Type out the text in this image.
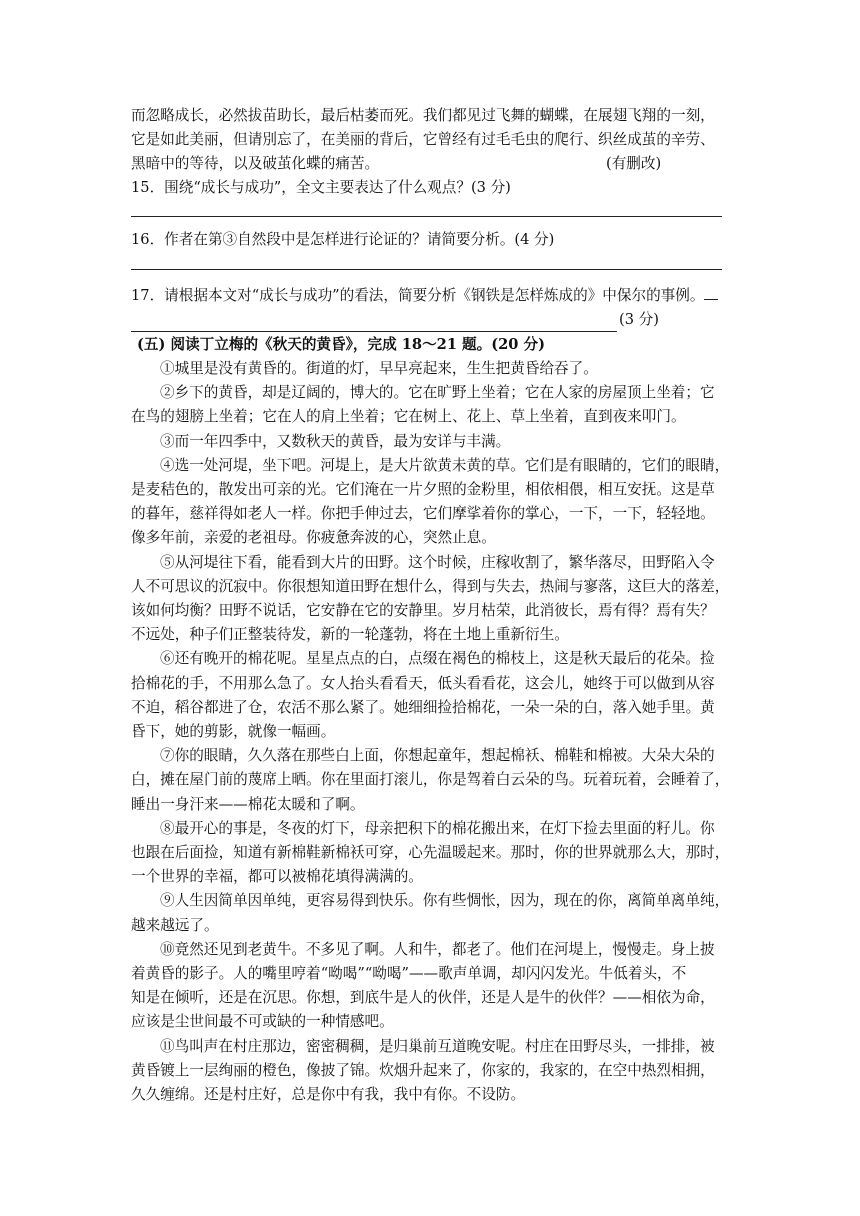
而忽略成长，必然拔苗助长，最后枯萎而死。我们都见过飞舞的蝴蝶，在展翅飞翔的一刻，
它是如此美丽，但请別忘了，在美丽的背后，它曾经有过毛毛虫的爬行、织丝成茧的辛劳、
黑暗中的等待，以及破茧化蝶的痛苦。	(有删改)
15．围绕“成长与成功”，全文主要表达了什么观点？(3 分)
16．作者在第③自然段中是怎样进行论证的？请简要分析。(4 分)
17．请根据本文对“成长与成功”的看法，简要分析《钢铁是怎样炼成的》中保尔的事例。
(3 分)
(五) 阅读丁立梅的《秋天的黄昏》，完成 18～21 题。(20 分)
①城里是没有黄昏的。街道的灯，早早亮起来，生生把黄昏给吞了。
②乡下的黄昏，却是辽阔的，博大的。它在旷野上坐着；它在人家的房屋顶上坐着；它
在鸟的翅膀上坐着；它在人的肩上坐着；它在树上、花上、草上坐着，直到夜来叩门。
③而一年四季中，又数秋天的黄昏，最为安详与丰满。
④选一处河堤，坐下吧。河堤上，是大片欲黄未黄的草。它们是有眼睛的，它们的眼睛，
是麦秸色的，散发出可亲的光。它们淹在一片夕照的金粉里，相依相偎，相互安抚。这是草
的暮年，慈祥得如老人一样。你把手伸过去，它们摩挲着你的掌心，一下，一下，轻轻地。
像多年前，亲爱的老祖母。你疲惫奔波的心，突然止息。
⑤从河堤往下看，能看到大片的田野。这个时候，庄稼收割了，繁华落尽，田野陷入令
人不可思议的沉寂中。你很想知道田野在想什么，得到与失去，热闹与寥落，这巨大的落差，
该如何均衡？田野不说话，它安静在它的安静里。岁月枯荣，此消彼长，焉有得？焉有失？
不远处，种子们正整装待发，新的一轮蓬勃，将在土地上重新衍生。
⑥还有晚开的棉花呢。星星点点的白，点缀在褐色的棉枝上，这是秋天最后的花朵。捡
拾棉花的手，不用那么急了。女人抬头看看天，低头看看花，这会儿，她终于可以做到从容
不迫，稻谷都进了仓，农活不那么紧了。她细细捡拾棉花，一朵一朵的白，落入她手里。黄
昏下，她的剪影，就像一幅画。
⑦你的眼睛，久久落在那些白上面，你想起童年，想起棉袄、棉鞋和棉被。大朵大朵的
白，摊在屋门前的蔑席上晒。你在里面打滚儿，你是驾着白云朵的鸟。玩着玩着，会睡着了，
睡出一身汗来——棉花太暖和了啊。
⑧最开心的事是，冬夜的灯下，母亲把积下的棉花搬出来，在灯下捡去里面的籽儿。你
也跟在后面捡，知道有新棉鞋新棉袄可穿，心先温暖起来。那时，你的世界就那么大，那时，
一个世界的幸福，都可以被棉花填得满满的。
⑨人生因简单因单纯，更容易得到快乐。你有些惆怅，因为，现在的你，离简单离单纯，
越来越远了。
⑩竟然还见到老黄牛。不多见了啊。人和牛，都老了。他们在河堤上，慢慢走。身上披
着黄昏的影子。人的嘴里哼着“呦喝”“呦喝”——歌声单调，却闪闪发光。牛低着头，不
知是在倾听，还是在沉思。你想，到底牛是人的伙伴，还是人是牛的伙伴？——相依为命，
应该是尘世间最不可或缺的一种情感吧。
⑪鸟叫声在村庄那边，密密稠稠，是归巢前互道晚安呢。村庄在田野尽头，一排排，被
黄昏镀上一层绚丽的橙色，像披了锦。炊烟升起来了，你家的，我家的，在空中热烈相拥，
久久缠绵。还是村庄好，总是你中有我，我中有你。不设防。
